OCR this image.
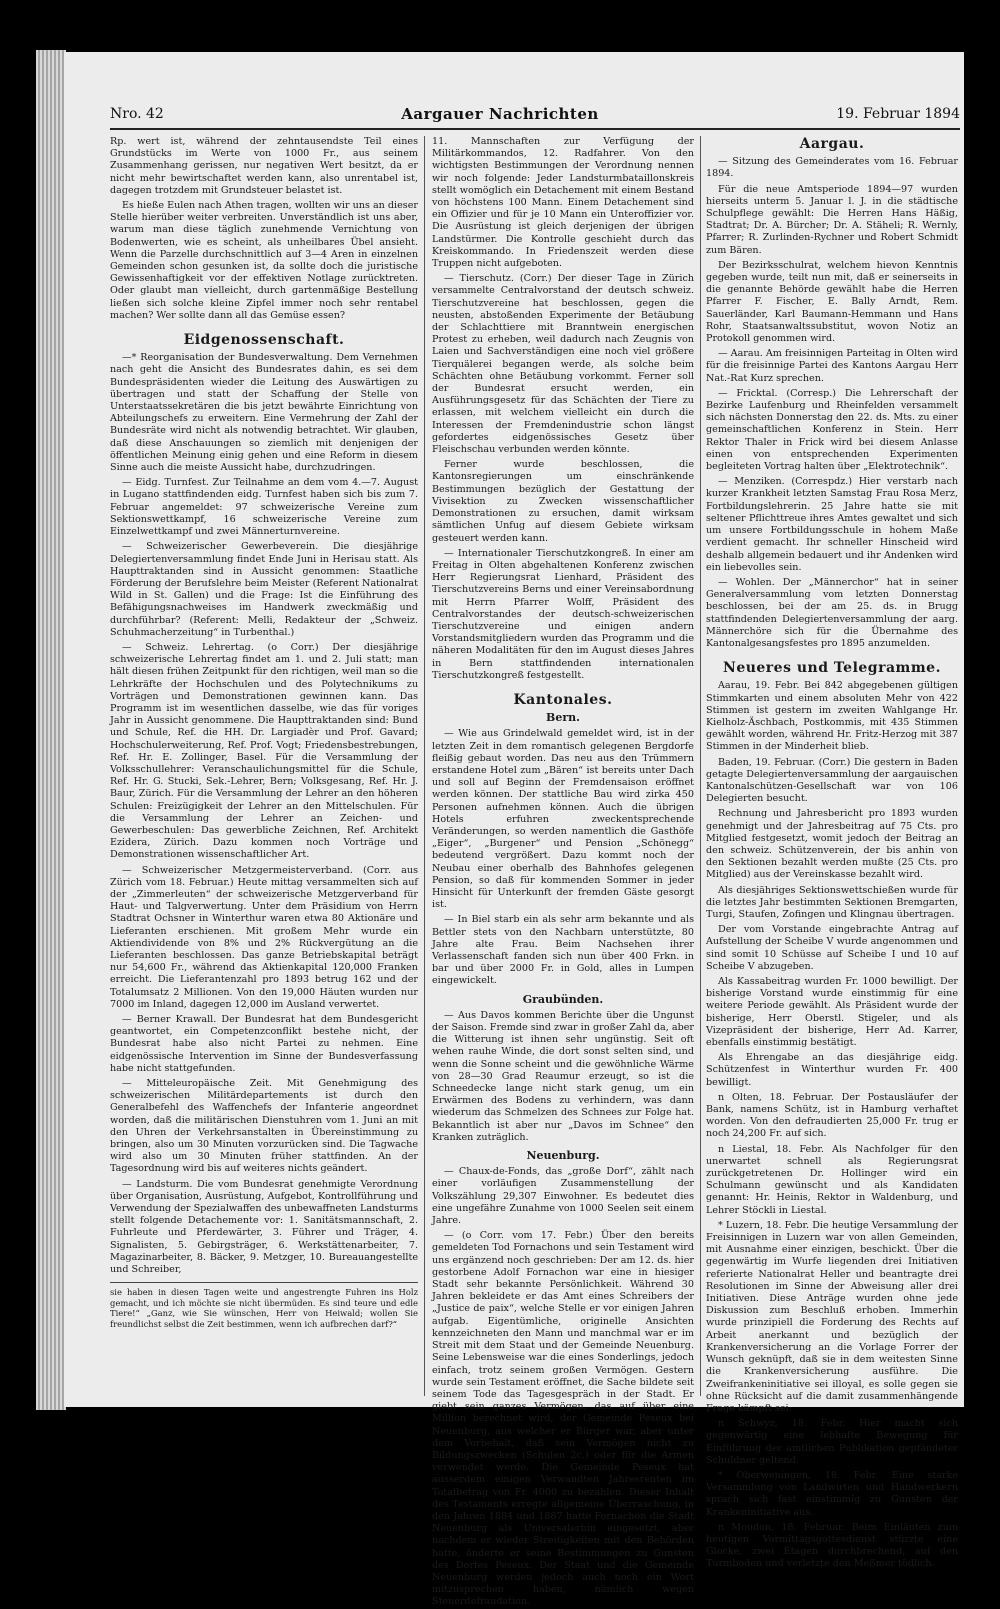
Nro. 42	Aargauer Nachrichten	19. Februar 1894

Rp. wert ist, während der zehntausendste Teil eines Grundstücks im Werte von 1000 Fr., aus seinem Zusammenhang gerissen, nur negativen Wert besitzt, da er nicht mehr bewirtschaftet werden kann, also unrentabel ist, dagegen trotzdem mit Grundsteuer belastet ist.

Es hieße Eulen nach Athen tragen, wollten wir uns an dieser Stelle hierüber weiter verbreiten. Unverständlich ist uns aber, warum man diese täglich zunehmende Vernichtung von Bodenwerten, wie es scheint, als unheilbares Übel ansieht. Wenn die Parzelle durchschnittlich auf 3—4 Aren in einzelnen Gemeinden schon gesunken ist, da sollte doch die juristische Gewissenhaftigkeit vor der effektiven Notlage zurücktreten. Oder glaubt man vielleicht, durch gartenmäßige Bestellung ließen sich solche kleine Zipfel immer noch sehr rentabel machen? Wer sollte dann all das Gemüse essen?

Eidgenossenschaft.

—* Reorganisation der Bundesverwaltung. Dem Vernehmen nach geht die Ansicht des Bundesrates dahin, es sei dem Bundespräsidenten wieder die Leitung des Auswärtigen zu übertragen und statt der Schaffung der Stelle von Unterstaatssekretären die bis jetzt bewährte Einrichtung von Abteilungschefs zu erweitern. Eine Vermehrung der Zahl der Bundesräte wird nicht als notwendig betrachtet. Wir glauben, daß diese Anschauungen so ziemlich mit denjenigen der öffentlichen Meinung einig gehen und eine Reform in diesem Sinne auch die meiste Aussicht habe, durchzudringen.

— Eidg. Turnfest. Zur Teilnahme an dem vom 4.—7. August in Lugano stattfindenden eidg. Turnfest haben sich bis zum 7. Februar angemeldet: 97 schweizerische Vereine zum Sektionswettkampf, 16 schweizerische Vereine zum Einzelwettkampf und zwei Männerturnvereine.

— Schweizerischer Gewerbeverein. Die diesjährige Delegiertenversammlung findet Ende Juni in Herisau statt. Als Haupttraktanden sind in Aussicht genommen: Staatliche Förderung der Berufslehre beim Meister (Referent Nationalrat Wild in St. Gallen) und die Frage: Ist die Einführung des Befähigungsnachweises im Handwerk zweckmäßig und durchführbar? (Referent: Melli, Redakteur der „Schweiz. Schuhmacherzeitung“ in Turbenthal.)

— Schweiz. Lehrertag. (o Corr.) Der diesjährige schweizerische Lehrertag findet am 1. und 2. Juli statt; man hält diesen frühen Zeitpunkt für den richtigen, weil man so die Lehrkräfte der Hochschulen und des Polytechnikums zu Vorträgen und Demonstrationen gewinnen kann. Das Programm ist im wesentlichen dasselbe, wie das für voriges Jahr in Aussicht genommene. Die Haupttraktanden sind: Bund und Schule, Ref. die HH. Dr. Largiadèr und Prof. Gavard; Hochschulerweiterung, Ref. Prof. Vogt; Friedensbestrebungen, Ref. Hr. E. Zollinger, Basel. Für die Versammlung der Volksschullehrer: Veranschaulichungsmittel für die Schule, Ref. Hr. G. Stucki, Sek.-Lehrer, Bern; Volksgesang, Ref. Hr. J. Baur, Zürich. Für die Versammlung der Lehrer an den höheren Schulen: Freizügigkeit der Lehrer an den Mittelschulen. Für die Versammlung der Lehrer an Zeichen- und Gewerbeschulen: Das gewerbliche Zeichnen, Ref. Architekt Ezidera, Zürich. Dazu kommen noch Vorträge und Demonstrationen wissenschaftlicher Art.

— Schweizerischer Metzgermeisterverband. (Corr. aus Zürich vom 18. Februar.) Heute mittag versammelten sich auf der „Zimmerleuten“ der schweizerische Metzgerverband für Haut- und Talgverwertung. Unter dem Präsidium von Herrn Stadtrat Ochsner in Winterthur waren etwa 80 Aktionäre und Lieferanten erschienen. Mit großem Mehr wurde ein Aktiendividende von 8% und 2% Rückvergütung an die Lieferanten beschlossen. Das ganze Betriebskapital beträgt nur 54,600 Fr., während das Aktienkapital 120,000 Franken erreicht. Die Lieferantenzahl pro 1893 betrug 162 und der Totalumsatz 2 Millionen. Von den 19,000 Häuten wurden nur 7000 im Inland, dagegen 12,000 im Ausland verwertet.

— Berner Krawall. Der Bundesrat hat dem Bundesgericht geantwortet, ein Competenzconflikt bestehe nicht, der Bundesrat habe also nicht Partei zu nehmen. Eine eidgenössische Intervention im Sinne der Bundesverfassung habe nicht stattgefunden.

— Mitteleuropäische Zeit. Mit Genehmigung des schweizerischen Militärdepartements ist durch den Generalbefehl des Waffenchefs der Infanterie angeordnet worden, daß die militärischen Dienstuhren vom 1. Juni an mit den Uhren der Verkehrsanstalten in Übereinstimmung zu bringen, also um 30 Minuten vorzurücken sind. Die Tagwache wird also um 30 Minuten früher stattfinden. An der Tagesordnung wird bis auf weiteres nichts geändert.

— Landsturm. Die vom Bundesrat genehmigte Verordnung über Organisation, Ausrüstung, Aufgebot, Kontrollführung und Verwendung der Spezialwaffen des unbewaffneten Landsturms stellt folgende Detachemente vor: 1. Sanitätsmannschaft, 2. Fuhrleute und Pferdewärter, 3. Führer und Träger, 4. Signalisten, 5. Gebirgsträger, 6. Werkstättenarbeiter, 7. Magazinarbeiter, 8. Bäcker, 9. Metzger, 10. Bureauangestellte und Schreiber,

sie haben in diesen Tagen weite und angestrengte Fuhren ins Holz gemacht, und ich möchte sie nicht übermüden. Es sind teure und edle Tiere!“ „Ganz, wie Sie wünschen, Herr von Heiwald; wollen Sie freundlichst selbst die Zeit bestimmen, wenn ich aufbrechen darf?“

11. Mannschaften zur Verfügung der Militärkommandos, 12. Radfahrer. Von den wichtigsten Bestimmungen der Verordnung nennen wir noch folgende: Jeder Landsturmbataillonskreis stellt womöglich ein Detachement mit einem Bestand von höchstens 100 Mann. Einem Detachement sind ein Offizier und für je 10 Mann ein Unteroffizier vor. Die Ausrüstung ist gleich derjenigen der übrigen Landstürmer. Die Kontrolle geschieht durch das Kreiskommando. In Friedenszeit werden diese Truppen nicht aufgeboten.

— Tierschutz. (Corr.) Der dieser Tage in Zürich versammelte Centralvorstand der deutsch schweiz. Tierschutzvereine hat beschlossen, gegen die neusten, abstoßenden Experimente der Betäubung der Schlachttiere mit Branntwein energischen Protest zu erheben, weil dadurch nach Zeugnis von Laien und Sachverständigen eine noch viel größere Tierquälerei begangen werde, als solche beim Schächten ohne Betäubung vorkommt. Ferner soll der Bundesrat ersucht werden, ein Ausführungsgesetz für das Schächten der Tiere zu erlassen, mit welchem vielleicht ein durch die Interessen der Fremdenindustrie schon längst gefordertes eidgenössisches Gesetz über Fleischschau verbunden werden könnte.

Ferner wurde beschlossen, die Kantonsregierungen um einschränkende Bestimmungen bezüglich der Gestattung der Vivisektion zu Zwecken wissenschaftlicher Demonstrationen zu ersuchen, damit wirksam sämtlichen Unfug auf diesem Gebiete wirksam gesteuert werden kann.

— Internationaler Tierschutzkongreß. In einer am Freitag in Olten abgehaltenen Konferenz zwischen Herr Regierungsrat Lienhard, Präsident des Tierschutzvereins Berns und einer Vereinsabordnung mit Herrn Pfarrer Wolff, Präsident des Centralvorstandes der deutsch-schweizerischen Tierschutzvereine und einigen andern Vorstandsmitgliedern wurden das Programm und die näheren Modalitäten für den im August dieses Jahres in Bern stattfindenden internationalen Tierschutzkongreß festgestellt.

Kantonales.
Bern.

— Wie aus Grindelwald gemeldet wird, ist in der letzten Zeit in dem romantisch gelegenen Bergdorfe fleißig gebaut worden. Das neu aus den Trümmern erstandene Hotel zum „Bären“ ist bereits unter Dach und soll auf Beginn der Fremdensaison eröffnet werden können. Der stattliche Bau wird zirka 450 Personen aufnehmen können. Auch die übrigen Hotels erfuhren zweckentsprechende Veränderungen, so werden namentlich die Gasthöfe „Eiger“, „Burgener“ und Pension „Schönegg“ bedeutend vergrößert. Dazu kommt noch der Neubau einer oberhalb des Bahnhofes gelegenen Pension, so daß für kommenden Sommer in jeder Hinsicht für Unterkunft der fremden Gäste gesorgt ist.

— In Biel starb ein als sehr arm bekannte und als Bettler stets von den Nachbarn unterstützte, 80 Jahre alte Frau. Beim Nachsehen ihrer Verlassenschaft fanden sich nun über 400 Frkn. in bar und über 2000 Fr. in Gold, alles in Lumpen eingewickelt.

Graubünden.

— Aus Davos kommen Berichte über die Ungunst der Saison. Fremde sind zwar in großer Zahl da, aber die Witterung ist ihnen sehr ungünstig. Seit oft wehen rauhe Winde, die dort sonst selten sind, und wenn die Sonne scheint und die gewöhnliche Wärme von 28—30 Grad Reaumur erzeugt, so ist die Schneedecke lange nicht stark genug, um ein Erwärmen des Bodens zu verhindern, was dann wiederum das Schmelzen des Schnees zur Folge hat. Bekanntlich ist aber nur „Davos im Schnee“ den Kranken zuträglich.

Neuenburg.

— Chaux-de-Fonds, das „große Dorf“, zählt nach einer vorläufigen Zusammenstellung der Volkszählung 29,307 Einwohner. Es bedeutet dies eine ungefähre Zunahme von 1000 Seelen seit einem Jahre.

— (o Corr. vom 17. Febr.) Über den bereits gemeldeten Tod Fornachons und sein Testament wird uns ergänzend noch geschrieben: Der am 12. ds. hier gestorbene Adolf Fornachon war eine in hiesiger Stadt sehr bekannte Persönlichkeit. Während 30 Jahren bekleidete er das Amt eines Schreibers der „Justice de paix“, welche Stelle er vor einigen Jahren aufgab. Eigentümliche, originelle Ansichten kennzeichneten den Mann und manchmal war er im Streit mit dem Staat und der Gemeinde Neuenburg. Seine Lebensweise war die eines Sonderlings, jedoch einfach, trotz seinem großen Vermögen. Gestern wurde sein Testament eröffnet, die Sache bildete seit seinem Tode das Tagesgespräch in der Stadt. Er giebt sein ganzes Vermögen, das auf über eine Million berechnet wird, der Gemeinde Peseux bei Neuenburg, aus welcher er Bürger war, aber unter dem Vorbehalt, daß sein Vermögen nicht zu Bildungszwecken (Schulen 2c.) oder für die Armen verwendet werde. Die Gemeinde Peseux hat ausserdem einigen Verwandten Jahresrenten im Totalbetrag von Fr. 4000 zu bezahlen. Dieser Inhalt des Testaments erregte allgemeine Überraschung, in den Jahren 1884 und 1887 hatte Fornachon die Stadt Neuenburg als Universalerbin eingesetzt, aber nachdem er wieder Streitigkeiten mit den Behörden hatte, änderte er seine Bestimmungen zu Gunsten des Dorfes Peseux. Der Staat und die Gemeinde Neuenburg werden jedoch auch noch ein Wort mitzusprechen haben, nämlich wegen Steuerdefraudation.

Aargau.

— Sitzung des Gemeinderates vom 16. Februar 1894.

Für die neue Amtsperiode 1894—97 wurden hierseits unterm 5. Januar l. J. in die städtische Schulpflege gewählt: Die Herren Hans Häßig, Stadtrat; Dr. A. Bürcher; Dr. A. Stäheli; R. Wernly, Pfarrer; R. Zurlinden-Rychner und Robert Schmidt zum Bären.

Der Bezirksschulrat, welchem hievon Kenntnis gegeben wurde, teilt nun mit, daß er seinerseits in die genannte Behörde gewählt habe die Herren Pfarrer F. Fischer, E. Bally Arndt, Rem. Sauerländer, Karl Baumann-Hemmann und Hans Rohr, Staatsanwaltssubstitut, wovon Notiz an Protokoll genommen wird.

— Aarau. Am freisinnigen Parteitag in Olten wird für die freisinnige Partei des Kantons Aargau Herr Nat.-Rat Kurz sprechen.

— Fricktal. (Corresp.) Die Lehrerschaft der Bezirke Laufenburg und Rheinfelden versammelt sich nächsten Donnerstag den 22. ds. Mts. zu einer gemeinschaftlichen Konferenz in Stein. Herr Rektor Thaler in Frick wird bei diesem Anlasse einen von entsprechenden Experimenten begleiteten Vortrag halten über „Elektrotechnik“.

— Menziken. (Correspdz.) Hier verstarb nach kurzer Krankheit letzten Samstag Frau Rosa Merz, Fortbildungslehrerin. 25 Jahre hatte sie mit seltener Pflichttreue ihres Amtes gewaltet und sich um unsere Fortbildungsschule in hohem Maße verdient gemacht. Ihr schneller Hinscheid wird deshalb allgemein bedauert und ihr Andenken wird ein liebevolles sein.

— Wohlen. Der „Männerchor“ hat in seiner Generalversammlung vom letzten Donnerstag beschlossen, bei der am 25. ds. in Brugg stattfindenden Delegiertenversammlung der aarg. Männerchöre sich für die Übernahme des Kantonalgesangsfestes pro 1895 anzumelden.

Neueres und Telegramme.

Aarau, 19. Febr. Bei 842 abgegebenen gültigen Stimmkarten und einem absoluten Mehr von 422 Stimmen ist gestern im zweiten Wahlgange Hr. Kielholz-Äschbach, Postkommis, mit 435 Stimmen gewählt worden, während Hr. Fritz-Herzog mit 387 Stimmen in der Minderheit blieb.

Baden, 19. Februar. (Corr.) Die gestern in Baden getagte Delegiertenversammlung der aargauischen Kantonalschützen-Gesellschaft war von 106 Delegierten besucht.

Rechnung und Jahresbericht pro 1893 wurden genehmigt und der Jahresbeitrag auf 75 Cts. pro Mitglied festgesetzt, womit jedoch der Beitrag an den schweiz. Schützenverein, der bis anhin von den Sektionen bezahlt werden mußte (25 Cts. pro Mitglied) aus der Vereinskasse bezahlt wird.

Als diesjähriges Sektionswettschießen wurde für die letztes Jahr bestimmten Sektionen Bremgarten, Turgi, Staufen, Zofingen und Klingnau übertragen.

Der vom Vorstande eingebrachte Antrag auf Aufstellung der Scheibe V wurde angenommen und sind somit 10 Schüsse auf Scheibe I und 10 auf Scheibe V abzugeben.

Als Kassabeitrag wurden Fr. 1000 bewilligt. Der bisherige Vorstand wurde einstimmig für eine weitere Periode gewählt. Als Präsident wurde der bisherige, Herr Oberstl. Stigeler, und als Vizepräsident der bisherige, Herr Ad. Karrer, ebenfalls einstimmig bestätigt.

Als Ehrengabe an das diesjährige eidg. Schützenfest in Winterthur wurden Fr. 400 bewilligt.

n Olten, 18. Februar. Der Postausläufer der Bank, namens Schütz, ist in Hamburg verhaftet worden. Von den defraudierten 25,000 Fr. trug er noch 24,200 Fr. auf sich.

n Liestal, 18. Febr. Als Nachfolger für den unerwartet schnell als Regierungsrat zurückgetretenen Dr. Hollinger wird ein Schulmann gewünscht und als Kandidaten genannt: Hr. Heinis, Rektor in Waldenburg, und Lehrer Stöckli in Liestal.

* Luzern, 18. Febr. Die heutige Versammlung der Freisinnigen in Luzern war von allen Gemeinden, mit Ausnahme einer einzigen, beschickt. Über die gegenwärtig im Wurfe liegenden drei Initiativen referierte Nationalrat Heller und beantragte drei Resolutionen im Sinne der Abweisung aller drei Initiativen. Diese Anträge wurden ohne jede Diskussion zum Beschluß erhoben. Immerhin wurde prinzipiell die Forderung des Rechts auf Arbeit anerkannt und bezüglich der Krankenversicherung an die Vorlage Forrer der Wunsch geknüpft, daß sie in dem weitesten Sinne die Krankenversicherung ausführe. Die Zweifrankeninitiative sei illoyal, es solle gegen sie ohne Rücksicht auf die damit zusammenhängende Frage kämpft sei.

n Schwyz, 18. Febr. Hier macht sich gegenwärtig eine lebhafte Bewegung für Einführung der amtlichen Publikation gepfändeter Schuldner geltend.

* Oberweningen, 18. Febr. Eine starke Versammlung von Landwirten und Handwerkern sprach sich fast einstimmig zu Gunsten der Krankeninitiative aus.

n Moudon, 18. Februar. Beim Einläuten zum heutigen Vormittagsgottesdienst stürzte eine Glocke, zwei Etagen durchbrechend, auf den Turmboden und verletzte den Meßmer tödlich.
